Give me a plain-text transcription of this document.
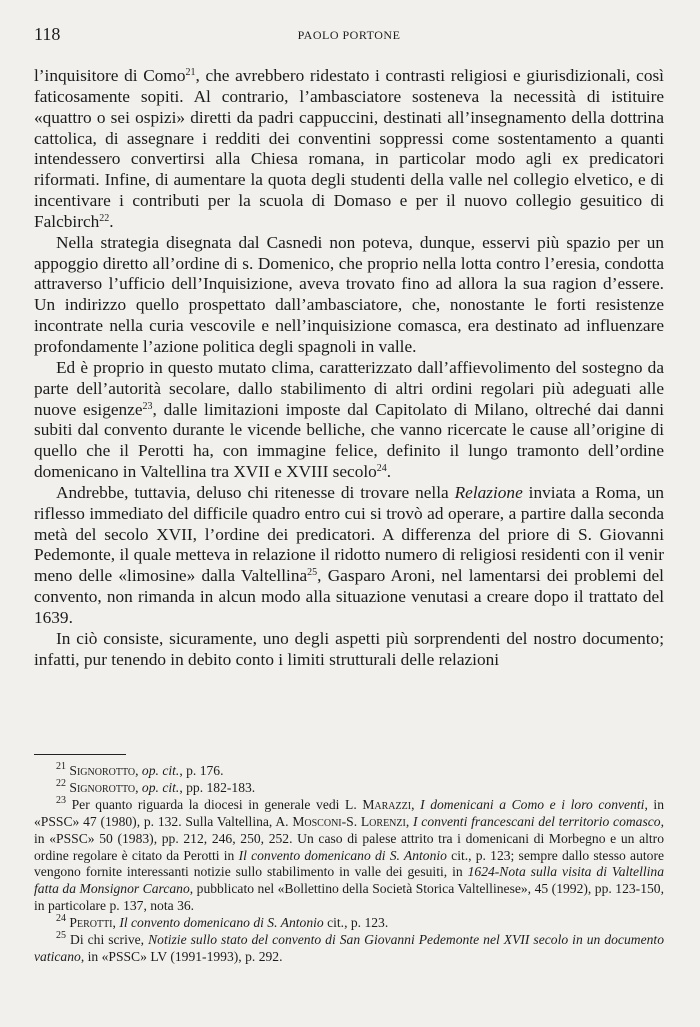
118	PAOLO PORTONE

l’inquisitore di Como$^{21}$, che avrebbero ridestato i contrasti religiosi e giurisdizionali, così faticosamente sopiti. Al contrario, l’ambasciatore sosteneva la necessità di istituire «quattro o sei ospizi» diretti da padri cappuccini, destinati all’insegnamento della dottrina cattolica, di assegnare i redditi dei conventini soppressi come sostentamento a quanti intendessero convertirsi alla Chiesa romana, in particolar modo agli ex predicatori riformati. Infine, di aumentare la quota degli studenti della valle nel collegio elvetico, e di incentivare i contributi per la scuola di Domaso e per il nuovo collegio gesuitico di Falcbirch$^{22}$.

Nella strategia disegnata dal Casnedi non poteva, dunque, esservi più spazio per un appoggio diretto all’ordine di s. Domenico, che proprio nella lotta contro l’eresia, condotta attraverso l’ufficio dell’Inquisizione, aveva trovato fino ad allora la sua ragion d’essere. Un indirizzo quello prospettato dall’ambasciatore, che, nonostante le forti resistenze incontrate nella curia vescovile e nell’inquisizione comasca, era destinato ad influenzare profondamente l’azione politica degli spagnoli in valle.

Ed è proprio in questo mutato clima, caratterizzato dall’affievolimento del sostegno da parte dell’autorità secolare, dallo stabilimento di altri ordini regolari più adeguati alle nuove esigenze$^{23}$, dalle limitazioni imposte dal Capitolato di Milano, oltreché dai danni subiti dal convento durante le vicende belliche, che vanno ricercate le cause all’origine di quello che il Perotti ha, con immagine felice, definito il lungo tramonto dell’ordine domenicano in Valtellina tra XVII e XVIII secolo$^{24}$.

Andrebbe, tuttavia, deluso chi ritenesse di trovare nella Relazione inviata a Roma, un riflesso immediato del difficile quadro entro cui si trovò ad operare, a partire dalla seconda metà del secolo XVII, l’ordine dei predicatori. A differenza del priore di S. Giovanni Pedemonte, il quale metteva in relazione il ridotto numero di religiosi residenti con il venir meno delle «limosine» dalla Valtellina$^{25}$, Gasparo Aroni, nel lamentarsi dei problemi del convento, non rimanda in alcun modo alla situazione venutasi a creare dopo il trattato del 1639.

In ciò consiste, sicuramente, uno degli aspetti più sorprendenti del nostro documento; infatti, pur tenendo in debito conto i limiti strutturali delle relazioni

$^{21}$ Signorotto, op. cit., p. 176.

$^{22}$ Signorotto, op. cit., pp. 182-183.

$^{23}$ Per quanto riguarda la diocesi in generale vedi L. Marazzi, I domenicani a Como e i loro conventi, in «PSSC» 47 (1980), p. 132. Sulla Valtellina, A. Mosconi-S. Lorenzi, I conventi francescani del territorio comasco, in «PSSC» 50 (1983), pp. 212, 246, 250, 252. Un caso di palese attrito tra i domenicani di Morbegno e un altro ordine regolare è citato da Perotti in Il convento domenicano di S. Antonio cit., p. 123; sempre dallo stesso autore vengono fornite interessanti notizie sullo stabilimento in valle dei gesuiti, in 1624-Nota sulla visita di Valtellina fatta da Monsignor Carcano, pubblicato nel «Bollettino della Società Storica Valtellinese», 45 (1992), pp. 123-150, in particolare p. 137, nota 36.

$^{24}$ Perotti, Il convento domenicano di S. Antonio cit., p. 123.

$^{25}$ Di chi scrive, Notizie sullo stato del convento di San Giovanni Pedemonte nel XVII secolo in un documento vaticano, in «PSSC» LV (1991-1993), p. 292.
